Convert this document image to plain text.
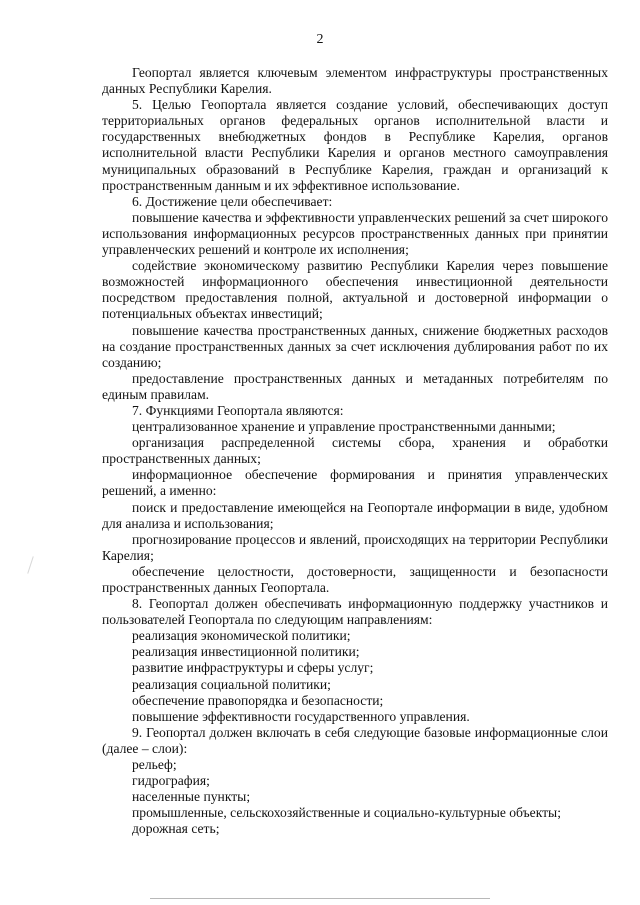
2

Геопортал является ключевым элементом инфраструктуры пространственных данных Республики Карелия.

5. Целью Геопортала является создание условий, обеспечивающих доступ территориальных органов федеральных органов исполнительной власти и государственных внебюджетных фондов в Республике Карелия, органов исполнительной власти Республики Карелия и органов местного самоуправления муниципальных образований в Республике Карелия, граждан и организаций к пространственным данным и их эффективное использование.

6. Достижение цели обеспечивает:

повышение качества и эффективности управленческих решений за счет широкого использования информационных ресурсов пространственных данных при принятии управленческих решений и контроле их исполнения;

содействие экономическому развитию Республики Карелия через повышение возможностей информационного обеспечения инвестиционной деятельности посредством предоставления полной, актуальной и достоверной информации о потенциальных объектах инвестиций;

повышение качества пространственных данных, снижение бюджетных расходов на создание пространственных данных за счет исключения дублирования работ по их созданию;

предоставление пространственных данных и метаданных потребителям по единым правилам.

7. Функциями Геопортала являются:

централизованное хранение и управление пространственными данными;

организация распределенной системы сбора, хранения и обработки пространственных данных;

информационное обеспечение формирования и принятия управленческих решений, а именно:

поиск и предоставление имеющейся на Геопортале информации в виде, удобном для анализа и использования;

прогнозирование процессов и явлений, происходящих на территории Республики Карелия;

обеспечение целостности, достоверности, защищенности и безопасности пространственных данных Геопортала.

8. Геопортал должен обеспечивать информационную поддержку участников и пользователей Геопортала по следующим направлениям:

реализация экономической политики;

реализация инвестиционной политики;

развитие инфраструктуры и сферы услуг;

реализация социальной политики;

обеспечение правопорядка и безопасности;

повышение эффективности государственного управления.

9. Геопортал должен включать в себя следующие базовые информационные слои (далее – слои):

рельеф;

гидрография;

населенные пункты;

промышленные, сельскохозяйственные и социально-культурные объекты;

дорожная сеть;
